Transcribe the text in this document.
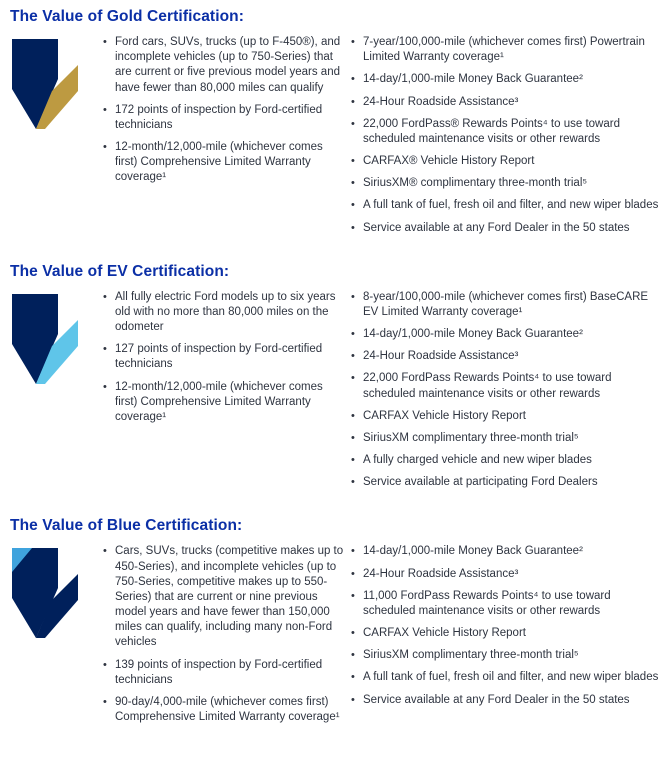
The Value of Gold Certification:
• Ford cars, SUVs, trucks (up to F-450®), and incomplete vehicles (up to 750-Series) that are current or five previous model years and have fewer than 80,000 miles can qualify
• 172 points of inspection by Ford-certified technicians
• 12-month/12,000-mile (whichever comes first) Comprehensive Limited Warranty coverage¹
• 7-year/100,000-mile (whichever comes first) Powertrain Limited Warranty coverage¹
• 14-day/1,000-mile Money Back Guarantee²
• 24-Hour Roadside Assistance³
• 22,000 FordPass® Rewards Points⁴ to use toward scheduled maintenance visits or other rewards
• CARFAX® Vehicle History Report
• SiriusXM® complimentary three-month trial⁵
• A full tank of fuel, fresh oil and filter, and new wiper blades
• Service available at any Ford Dealer in the 50 states
The Value of EV Certification:
• All fully electric Ford models up to six years old with no more than 80,000 miles on the odometer
• 127 points of inspection by Ford-certified technicians
• 12-month/12,000-mile (whichever comes first) Comprehensive Limited Warranty coverage¹
• 8-year/100,000-mile (whichever comes first) BaseCARE EV Limited Warranty coverage¹
• 14-day/1,000-mile Money Back Guarantee²
• 24-Hour Roadside Assistance³
• 22,000 FordPass Rewards Points⁴ to use toward scheduled maintenance visits or other rewards
• CARFAX Vehicle History Report
• SiriusXM complimentary three-month trial⁵
• A fully charged vehicle and new wiper blades
• Service available at participating Ford Dealers
The Value of Blue Certification:
• Cars, SUVs, trucks (competitive makes up to 450-Series), and incomplete vehicles (up to 750-Series, competitive makes up to 550-Series) that are current or nine previous model years and have fewer than 150,000 miles can qualify, including many non-Ford vehicles
• 139 points of inspection by Ford-certified technicians
• 90-day/4,000-mile (whichever comes first) Comprehensive Limited Warranty coverage¹
• 14-day/1,000-mile Money Back Guarantee²
• 24-Hour Roadside Assistance³
• 11,000 FordPass Rewards Points⁴ to use toward scheduled maintenance visits or other rewards
• CARFAX Vehicle History Report
• SiriusXM complimentary three-month trial⁵
• A full tank of fuel, fresh oil and filter, and new wiper blades
• Service available at any Ford Dealer in the 50 states
